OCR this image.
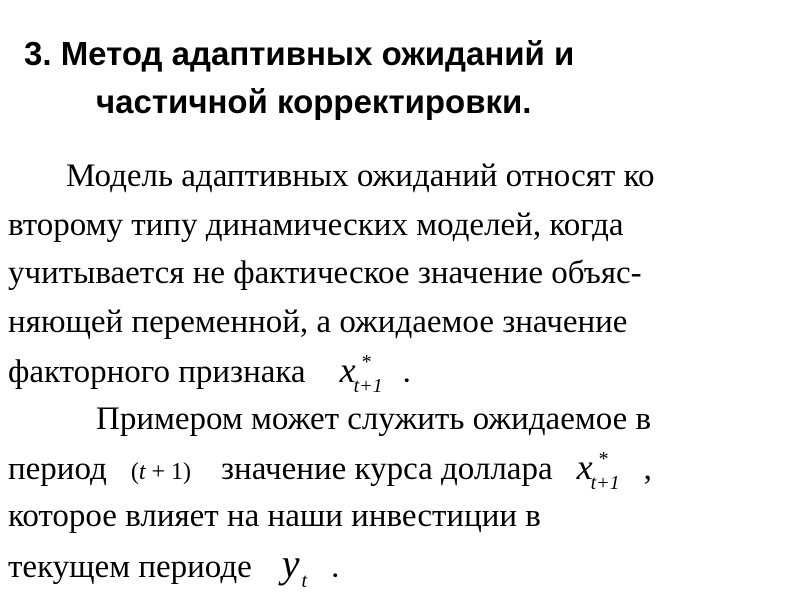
3. Метод адаптивных ожиданий и
частичной корректировки.
Модель адаптивных ожиданий относят ко
второму типу динамических моделей, когда
учитывается не фактическое значение объяс-
няющей переменной, а ожидаемое значение
факторного признака x *
$_{t+1}$ .
Примером может служить ожидаемое в
период (t + 1) значение курса доллара x *
$_{t+1}$ ,
которое влияет на наши инвестиции в
текущем периоде y $_t$ .
